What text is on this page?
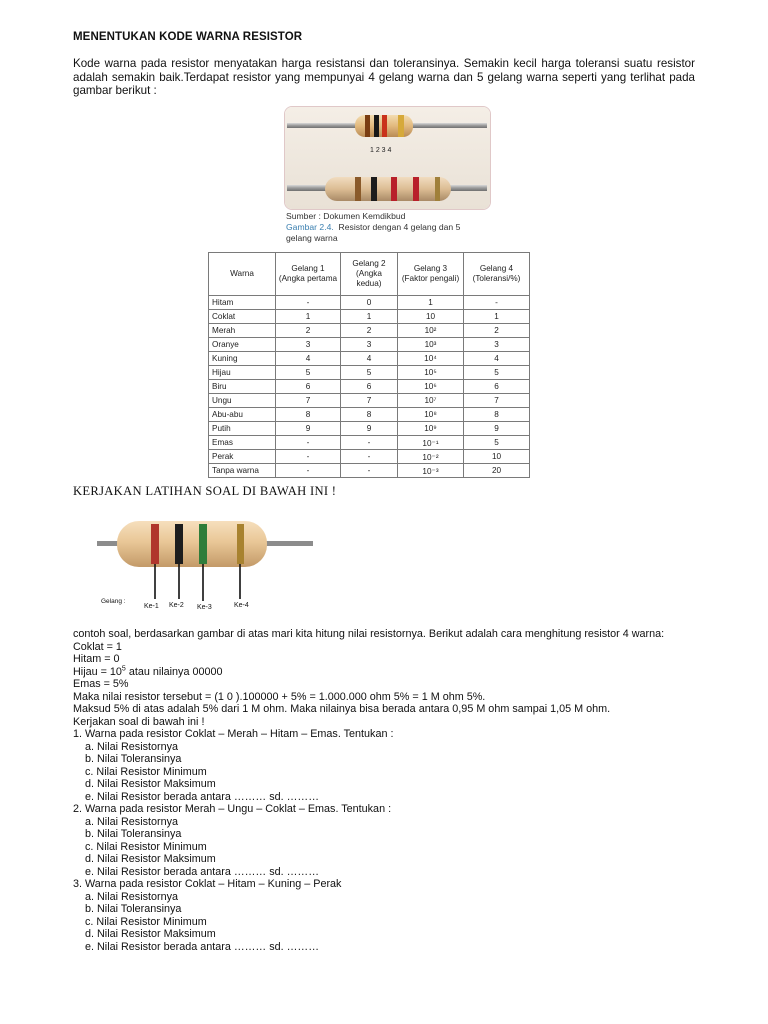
MENENTUKAN KODE WARNA RESISTOR
Kode warna pada resistor menyatakan harga resistansi dan toleransinya. Semakin kecil harga toleransi suatu resistor adalah semakin baik.Terdapat resistor yang mempunyai 4 gelang warna dan 5 gelang warna seperti yang terlihat pada gambar berikut :
1 2 3 4
Sumber : Dokumen Kemdikbud
Gambar 2.4. Resistor dengan 4 gelang dan 5
gelang warna
Warna	Gelang 1 (Angka pertama	Gelang 2 (Angka kedua)	Gelang 3 (Faktor pengali)	Gelang 4 (Toleransi/%)
Hitam	-	0	1	-
Coklat	1	1	10	1
Merah	2	2	10²	2
Oranye	3	3	10³	3
Kuning	4	4	10⁴	4
Hijau	5	5	10⁵	5
Biru	6	6	10⁶	6
Ungu	7	7	10⁷	7
Abu-abu	8	8	10⁸	8
Putih	9	9	10⁹	9
Emas	-	-	10⁻¹	5
Perak	-	-	10⁻²	10
Tanpa warna	-	-	10⁻³	20
KERJAKAN LATIHAN SOAL DI BAWAH INI !
Gelang :
Ke-1 Ke-2 Ke-3	Ke-4
contoh soal, berdasarkan gambar di atas mari kita hitung nilai resistornya. Berikut adalah cara menghitung resistor 4 warna:
Coklat = 1
Hitam = 0
Hijau = $10^5$ atau nilainya 00000
Emas = 5%
Maka nilai resistor tersebut = (1 0 ).100000 + 5% = 1.000.000 ohm 5% = 1 M ohm 5%.
Maksud 5% di atas adalah 5% dari 1 M ohm. Maka nilainya bisa berada antara 0,95 M ohm sampai 1,05 M ohm.
Kerjakan soal di bawah ini !
1. Warna pada resistor Coklat – Merah – Hitam – Emas. Tentukan :
a. Nilai Resistornya
b. Nilai Toleransinya
c. Nilai Resistor Minimum
d. Nilai Resistor Maksimum
e. Nilai Resistor berada antara ……… sd. ………
2. Warna pada resistor Merah – Ungu – Coklat – Emas. Tentukan :
a. Nilai Resistornya
b. Nilai Toleransinya
c. Nilai Resistor Minimum
d. Nilai Resistor Maksimum
e. Nilai Resistor berada antara ……… sd. ………
3. Warna pada resistor Coklat – Hitam – Kuning – Perak
a. Nilai Resistornya
b. Nilai Toleransinya
c. Nilai Resistor Minimum
d. Nilai Resistor Maksimum
e. Nilai Resistor berada antara ……… sd. ………
